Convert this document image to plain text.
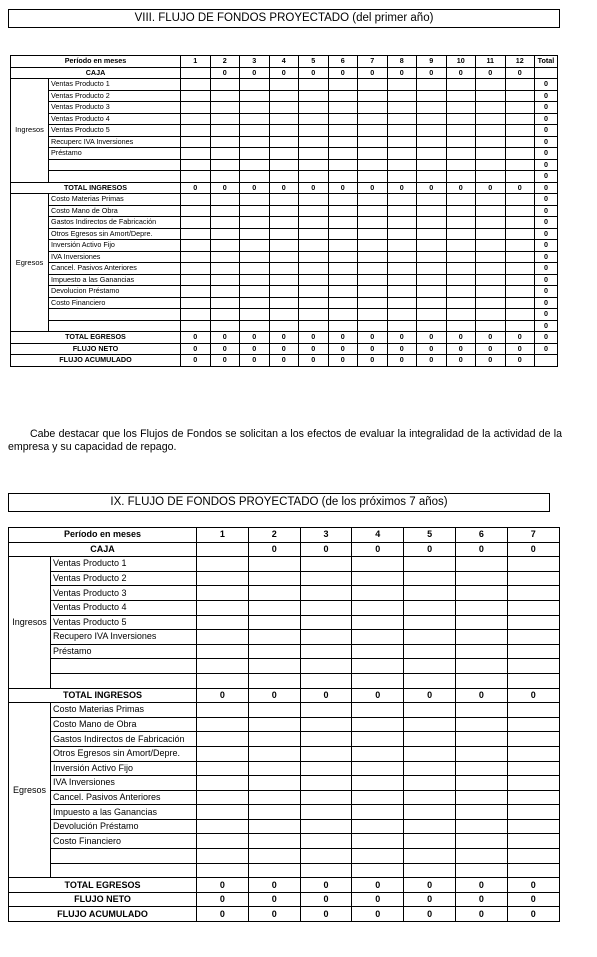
VIII. FLUJO DE FONDOS PROYECTADO (del primer año)
Período en meses		1	2	3	4	5	6	7	8	9	10	11	12	Total
CAJA			0	0	0	0	0	0	0	0	0	0	0	
Ingresos	Ventas Producto 1													0
	Ventas Producto 2													0
	Ventas Producto 3													0
	Ventas Producto 4													0
	Ventas Producto 5													0
	Recuperc IVA Inversiones													0
	Préstamo													0
														0
														0
TOTAL INGRESOS		0	0	0	0	0	0	0	0	0	0	0	0	0
Egresos	Costo Materias Primas													0
	Costo Mano de Obra													0
	Gastos Indirectos de Fabricación													0
	Otros Egresos sin Amort/Depre.													0
	Inversión Activo Fijo													0
	IVA Inversiones													0
	Cancel. Pasivos Anteriores													0
	Impuesto a las Ganancias													0
	Devolucion Préstamo													0
	Costo Financiero													0
														0
														0
TOTAL EGRESOS		0	0	0	0	0	0	0	0	0	0	0	0	0
FLUJO NETO		0	0	0	0	0	0	0	0	0	0	0	0	0
FLUJO ACUMULADO		0	0	0	0	0	0	0	0	0	0	0	0	

Cabe destacar que los Flujos de Fondos se solicitan a los efectos de evaluar la integralidad de la actividad de la empresa y su capacidad de repago.

IX. FLUJO DE FONDOS PROYECTADO (de los próximos 7 años)
Período en meses		1	2	3	4	5	6	7
CAJA			0	0	0	0	0	0
Ingresos	Ventas Producto 1							
	Ventas Producto 2							
	Ventas Producto 3							
	Ventas Producto 4							
	Ventas Producto 5							
	Recupero IVA Inversiones							
	Préstamo							

TOTAL INGRESOS		0	0	0	0	0	0	0
Egresos	Costo Materias Primas							
	Costo Mano de Obra							
	Gastos Indirectos de Fabricación							
	Otros Egresos sin Amort/Depre.							
	Inversión Activo Fijo							
	IVA Inversiones							
	Cancel. Pasivos Anteriores							
	Impuesto a las Ganancias							
	Devolución Préstamo							
	Costo Financiero							

TOTAL EGRESOS		0	0	0	0	0	0	0
FLUJO NETO		0	0	0	0	0	0	0
FLUJO ACUMULADO		0	0	0	0	0	0	0
